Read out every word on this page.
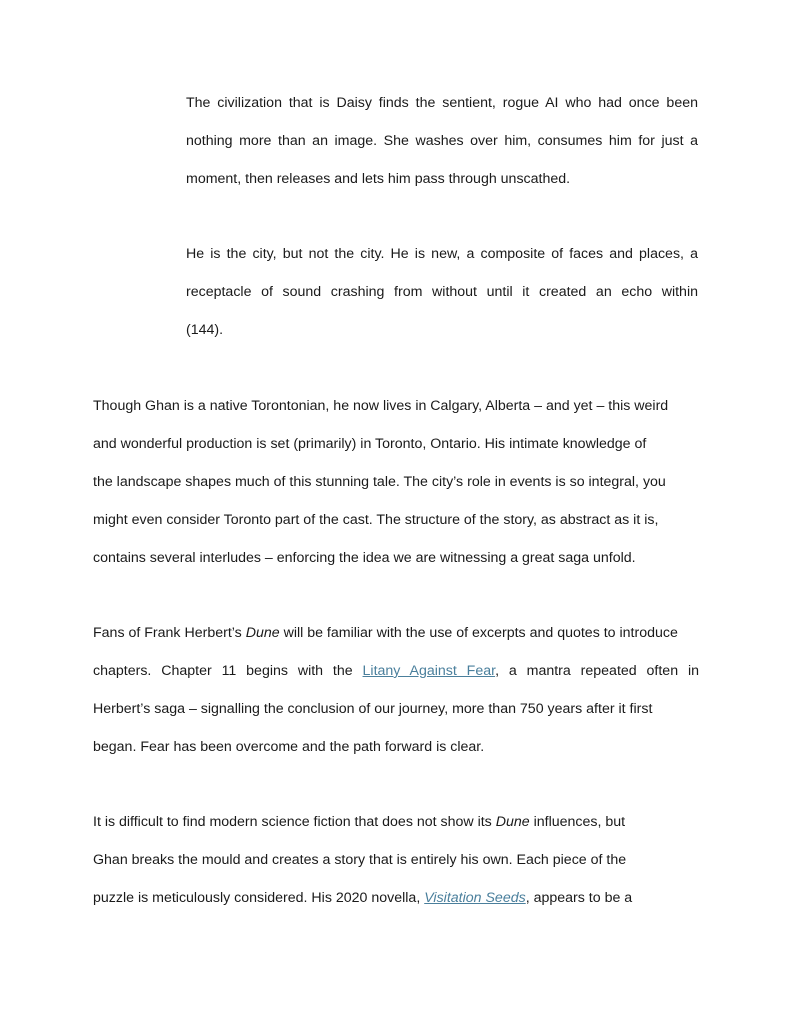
The civilization that is Daisy finds the sentient, rogue AI who had once been
nothing more than an image. She washes over him, consumes him for just a
moment, then releases and lets him pass through unscathed.

He is the city, but not the city. He is new, a composite of faces and places, a
receptacle of sound crashing from without until it created an echo within
(144).

Though Ghan is a native Torontonian, he now lives in Calgary, Alberta – and yet – this weird
and wonderful production is set (primarily) in Toronto, Ontario. His intimate knowledge of
the landscape shapes much of this stunning tale. The city’s role in events is so integral, you
might even consider Toronto part of the cast. The structure of the story, as abstract as it is,
contains several interludes – enforcing the idea we are witnessing a great saga unfold.

Fans of Frank Herbert’s Dune will be familiar with the use of excerpts and quotes to introduce
chapters. Chapter 11 begins with the Litany Against Fear, a mantra repeated often in
Herbert’s saga – signalling the conclusion of our journey, more than 750 years after it first
began. Fear has been overcome and the path forward is clear.

It is difficult to find modern science fiction that does not show its Dune influences, but
Ghan breaks the mould and creates a story that is entirely his own. Each piece of the
puzzle is meticulously considered. His 2020 novella, Visitation Seeds, appears to be a
